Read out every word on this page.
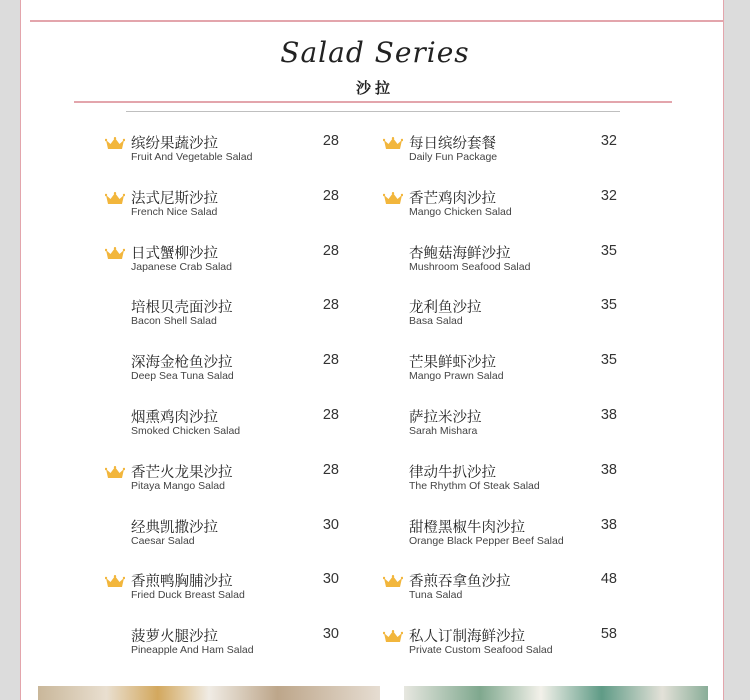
Salad Series
沙拉
缤纷果蔬沙拉
Fruit And Vegetable Salad
28
法式尼斯沙拉
French Nice Salad
28
日式蟹柳沙拉
Japanese Crab Salad
28
培根贝壳面沙拉
Bacon Shell Salad
28
深海金枪鱼沙拉
Deep Sea Tuna Salad
28
烟熏鸡肉沙拉
Smoked Chicken Salad
28
香芒火龙果沙拉
Pitaya Mango Salad
28
经典凯撒沙拉
Caesar Salad
30
香煎鸭胸脯沙拉
Fried Duck Breast Salad
30
菠萝火腿沙拉
Pineapple And Ham Salad
30
每日缤纷套餐
Daily Fun Package
32
香芒鸡肉沙拉
Mango Chicken Salad
32
杏鲍菇海鲜沙拉
Mushroom Seafood Salad
35
龙利鱼沙拉
Basa Salad
35
芒果鲜虾沙拉
Mango Prawn Salad
35
萨拉米沙拉
Sarah Mishara
38
律动牛扒沙拉
The Rhythm Of Steak Salad
38
甜橙黑椒牛肉沙拉
Orange Black Pepper Beef Salad
38
香煎吞拿鱼沙拉
Tuna Salad
48
私人订制海鲜沙拉
Private Custom Seafood Salad
58
